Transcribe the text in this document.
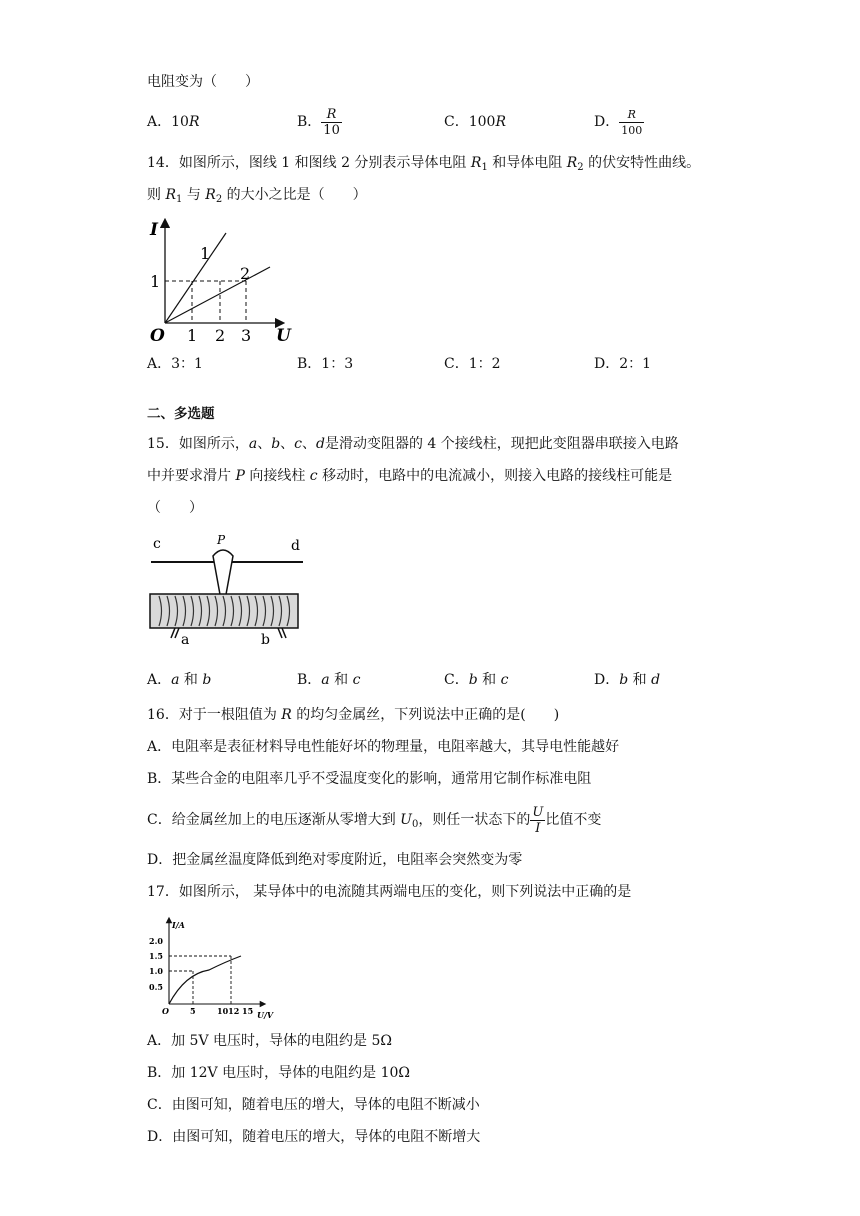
电阻变为（　　）
A．10R	B． $\frac{R}{10}$	C．100R	D． $\frac{R}{100}$
14．如图所示，图线 1 和图线 2 分别表示导体电阻 $R_1$ 和导体电阻 $R_2$ 的伏安特性曲线。
则 $R_1$ 与 $R_2$ 的大小之比是（　　）
I
U
O
1
1 2 3
1
2
A．3：1	B．1：3	C．1：2	D．2：1
二、多选题
15．如图所示，a、b、c、d是滑动变阻器的 4 个接线柱，现把此变阻器串联接入电路
中并要求滑片 P 向接线柱 c 移动时，电路中的电流减小，则接入电路的接线柱可能是
（　　）
c	d
P
a	b
A．a 和 b	B．a 和 c	C．b 和 c	D．b 和 d
16．对于一根阻值为 R 的均匀金属丝，下列说法中正确的是(　　)
A．电阻率是表征材料导电性能好坏的物理量，电阻率越大，其导电性能越好
B．某些合金的电阻率几乎不受温度变化的影响，通常用它制作标准电阻
C．给金属丝加上的电压逐渐从零增大到 $U_0$，则任一状态下的 $\frac{U}{I}$ 比值不变
D．把金属丝温度降低到绝对零度附近，电阻率会突然变为零
17．如图所示， 某导体中的电流随其两端电压的变化，则下列说法中正确的是
I/A
U/V
O
2.0
1.5
1.0
0.5
5	1012 15
A．加 5V 电压时，导体的电阻约是 5Ω
B．加 12V 电压时，导体的电阻约是 10Ω
C．由图可知，随着电压的增大，导体的电阻不断减小
D．由图可知，随着电压的增大，导体的电阻不断增大
